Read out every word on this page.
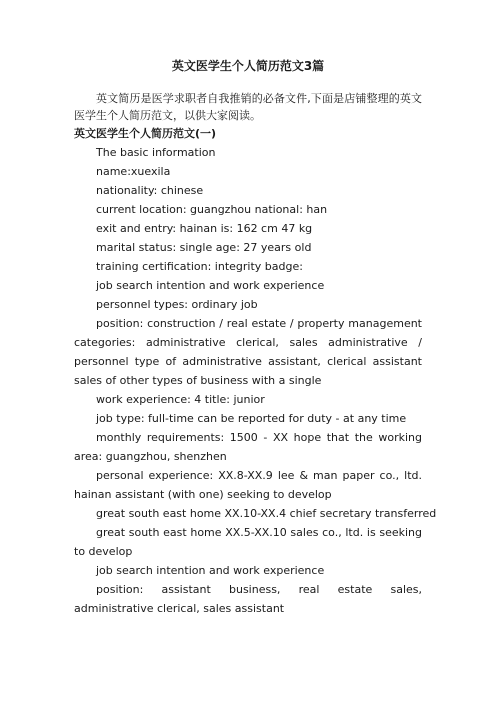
英文医学生个人简历范文3篇

英文简历是医学求职者自我推销的必备文件,下面是店铺整理的英文医学生个人简历范文，以供大家阅读。

英文医学生个人简历范文(一)

The basic information

name:xuexila

nationality: chinese

current location: guangzhou national: han

exit and entry: hainan is: 162 cm 47 kg

marital status: single age: 27 years old

training certification: integrity badge:

job search intention and work experience

personnel types: ordinary job

position: construction / real estate / property management categories: administrative clerical, sales administrative / personnel type of administrative assistant, clerical assistant sales of other types of business with a single

work experience: 4 title: junior

job type: full-time can be reported for duty - at any time

monthly requirements: 1500 - XX hope that the working area: guangzhou, shenzhen

personal experience: XX.8-XX.9 lee & man paper co., ltd. hainan assistant (with one) seeking to develop

great south east home XX.10-XX.4 chief secretary transferred

great south east home XX.5-XX.10 sales co., ltd. is seeking to develop

job search intention and work experience

position: assistant business, real estate sales, administrative clerical, sales assistant
